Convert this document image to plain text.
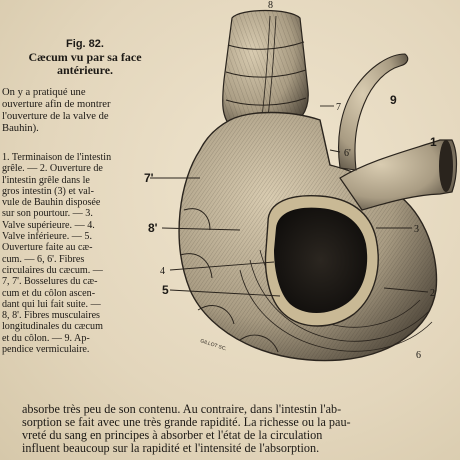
Fig. 82.
Cæcum vu par sa face
antérieure.
On y a pratiqué une
ouverture afin de montrer
l'ouverture de la valve de
Bauhin).
1. Terminaison de l'intestin
grêle. — 2. Ouverture de
l'intestin grêle dans le
gros intestin (3) et val-
vule de Bauhin disposée
sur son pourtour. — 3.
Valve supérieure. — 4.
Valve inférieure. — 5.
Ouverture faite au cæ-
cum. — 6, 6'. Fibres
circulaires du cæcum. —
7, 7'. Bosselures du cæ-
cum et du côlon ascen-
dant qui lui fait suite. —
8, 8'. Fibres musculaires
longitudinales du cæcum
et du côlon. — 9. Ap-
pendice vermiculaire.
8
7
9
1
6'
7'
8'	3
4
5	2
6
GILLOT SC.
absorbe très peu de son contenu. Au contraire, dans l'intestin l'ab-
sorption se fait avec une très grande rapidité. La richesse ou la pau-
vreté du sang en principes à absorber et l'état de la circulation
influent beaucoup sur la rapidité et l'intensité de l'absorption.
